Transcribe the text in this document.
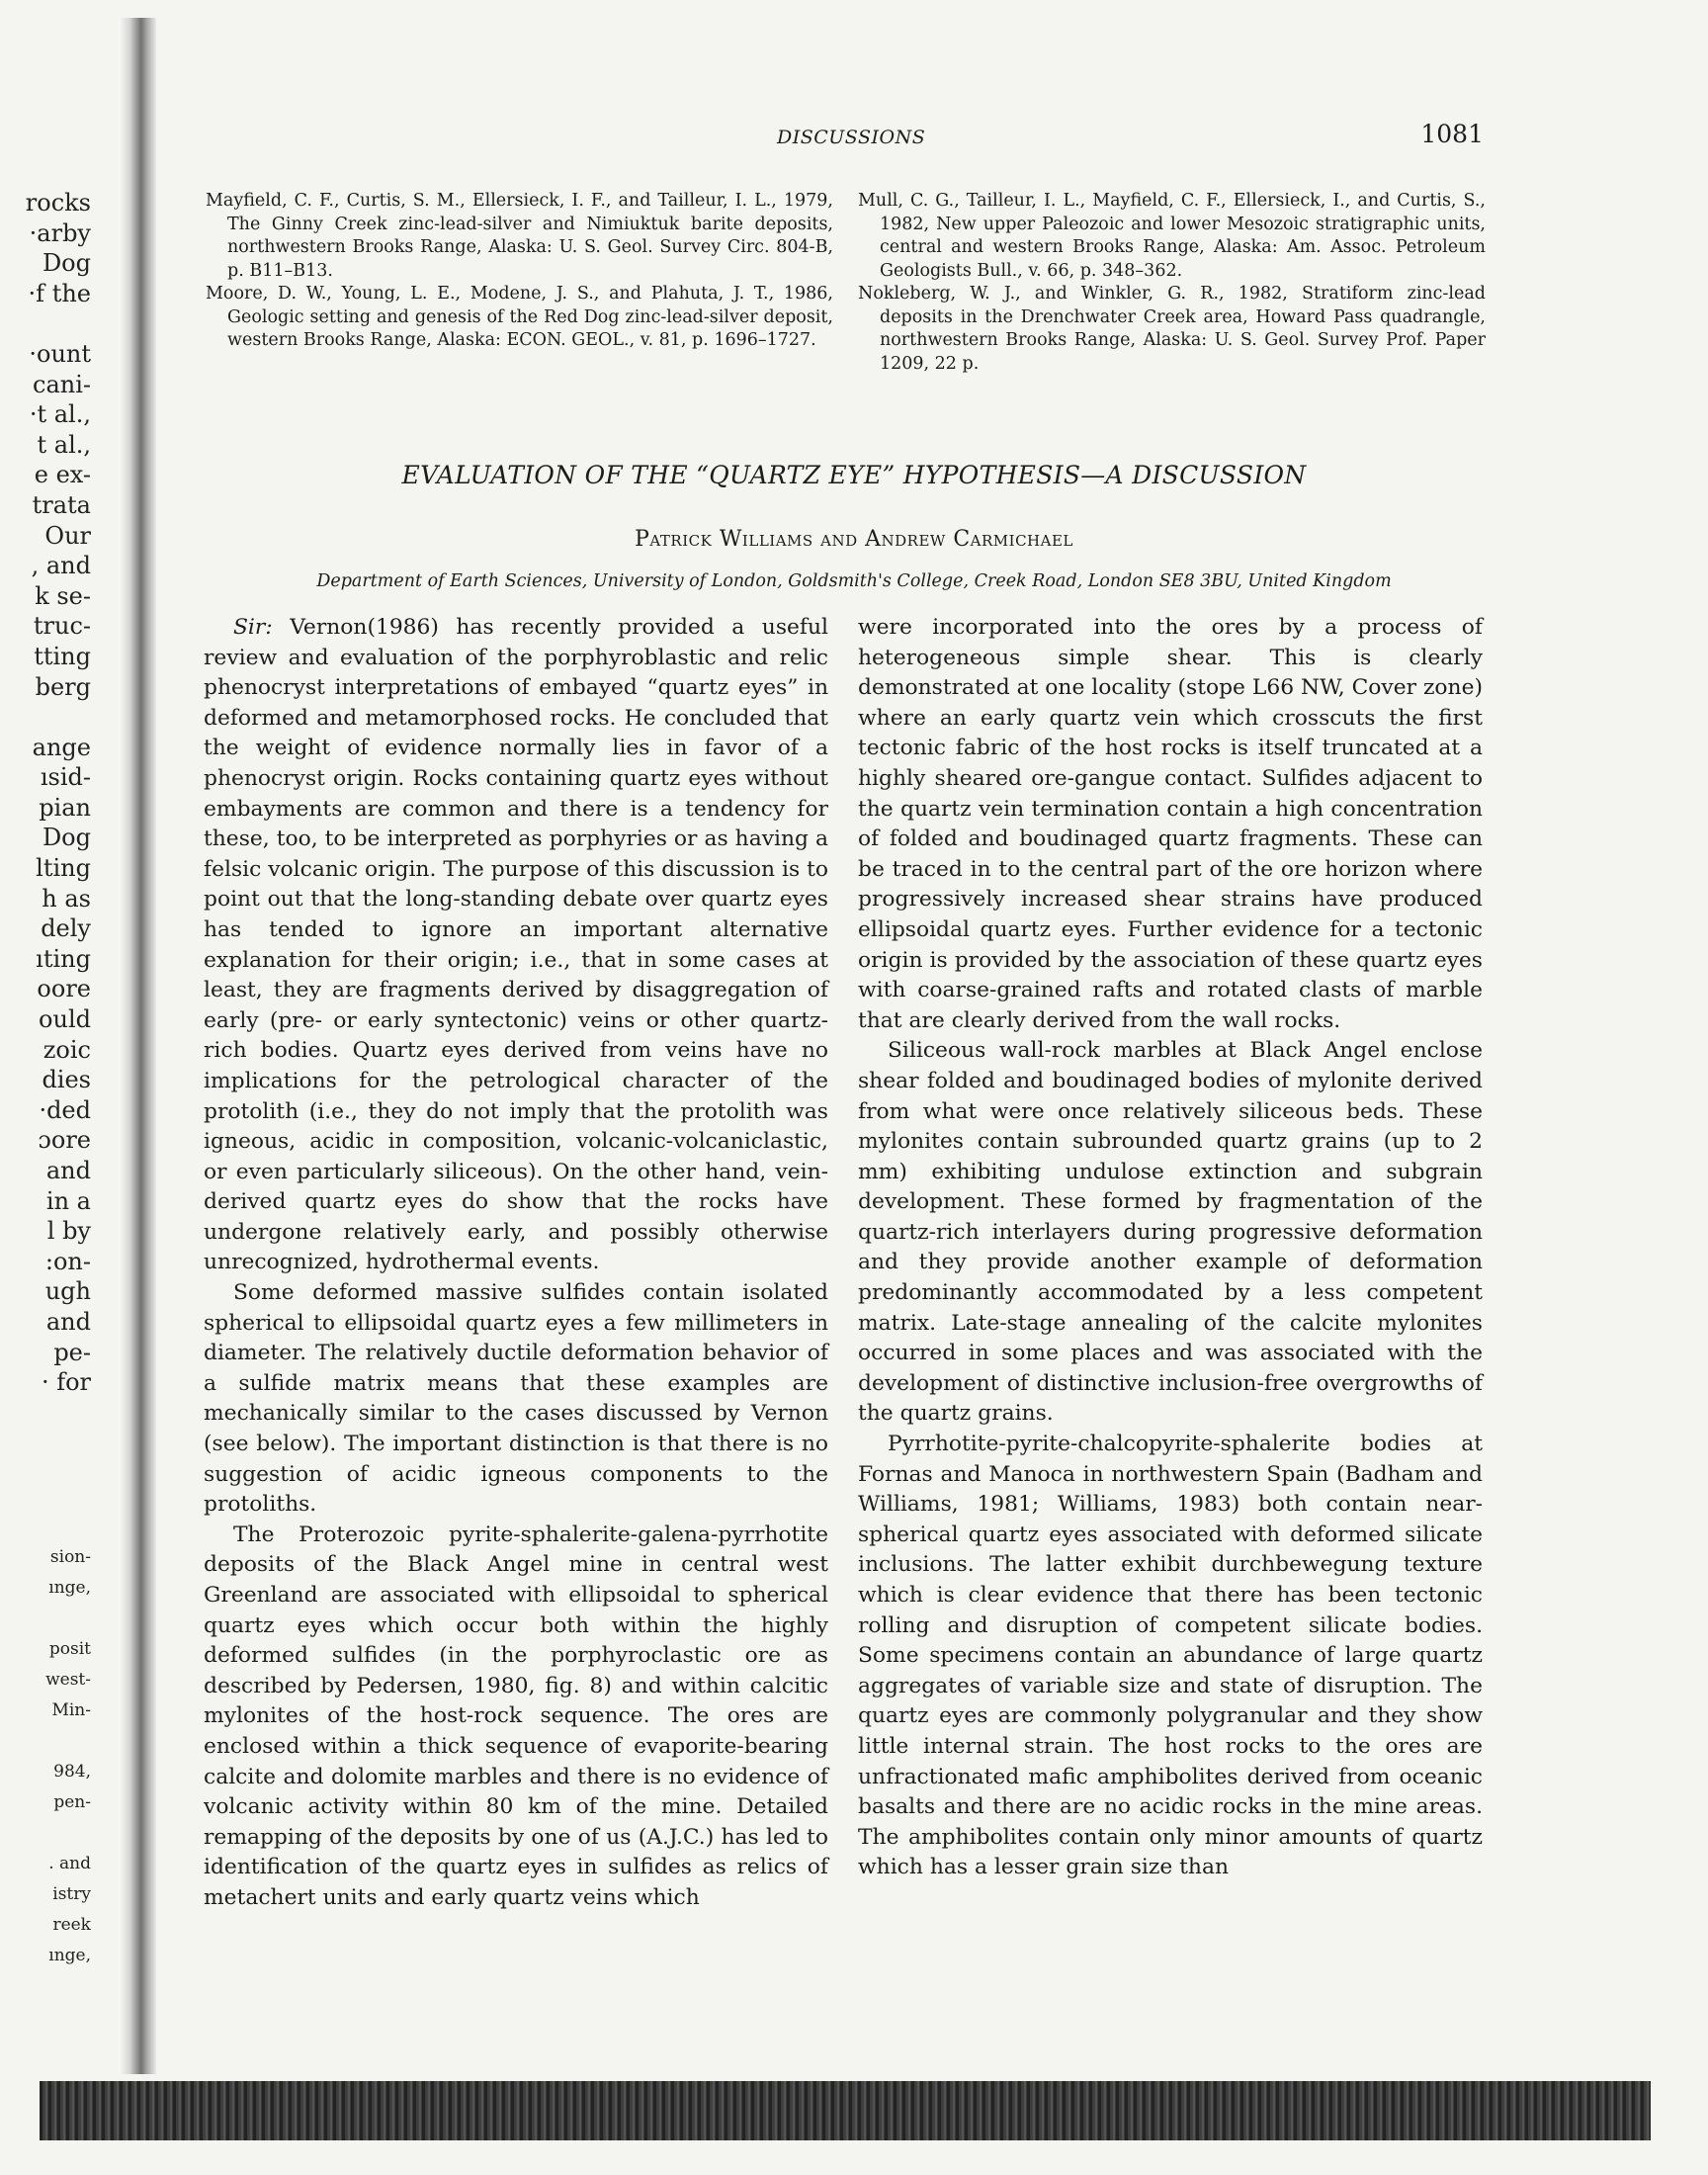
rocks
·arby
Dog
·f the

·ount
cani-
·t al.,
t al.,
e ex-
trata
Our
, and
k se-
truc-
tting
berg

ange
ısid-
pian
Dog
lting
h as
dely
ıting
oore
ould
zoic
dies
·ded
ɔore
and
in a
l by
:on-
ugh
and
pe-
· for
sion-
ınge,

posit
west-
Min-

984,
pen-

. and
istry
reek
ınge,
DISCUSSIONS	1081

Mayfield, C. F., Curtis, S. M., Ellersieck, I. F., and Tailleur, I. L., 1979, The Ginny Creek zinc-lead-silver and Nimiuktuk barite deposits, northwestern Brooks Range, Alaska: U. S. Geol. Survey Circ. 804-B, p. B11–B13.

Moore, D. W., Young, L. E., Modene, J. S., and Plahuta, J. T., 1986, Geologic setting and genesis of the Red Dog zinc-lead-silver deposit, western Brooks Range, Alaska: ECON. GEOL., v. 81, p. 1696–1727.

Mull, C. G., Tailleur, I. L., Mayfield, C. F., Ellersieck, I., and Curtis, S., 1982, New upper Paleozoic and lower Mesozoic stratigraphic units, central and western Brooks Range, Alaska: Am. Assoc. Petroleum Geologists Bull., v. 66, p. 348–362.

Nokleberg, W. J., and Winkler, G. R., 1982, Stratiform zinc-lead deposits in the Drenchwater Creek area, Howard Pass quadrangle, northwestern Brooks Range, Alaska: U. S. Geol. Survey Prof. Paper 1209, 22 p.

EVALUATION OF THE “QUARTZ EYE” HYPOTHESIS—A DISCUSSION
Patrick Williams and Andrew Carmichael
Department of Earth Sciences, University of London, Goldsmith's College, Creek Road, London SE8 3BU, United Kingdom

Sir: Vernon(1986) has recently provided a useful review and evaluation of the porphyroblastic and relic phenocryst interpretations of embayed “quartz eyes” in deformed and metamorphosed rocks. He concluded that the weight of evidence normally lies in favor of a phenocryst origin. Rocks containing quartz eyes without embayments are common and there is a tendency for these, too, to be interpreted as porphyries or as having a felsic volcanic origin. The purpose of this discussion is to point out that the long-standing debate over quartz eyes has tended to ignore an important alternative explanation for their origin; i.e., that in some cases at least, they are fragments derived by disaggregation of early (pre- or early syntectonic) veins or other quartz-rich bodies. Quartz eyes derived from veins have no implications for the petrological character of the protolith (i.e., they do not imply that the protolith was igneous, acidic in composition, volcanic-volcaniclastic, or even particularly siliceous). On the other hand, vein-derived quartz eyes do show that the rocks have undergone relatively early, and possibly otherwise unrecognized, hydrothermal events.

Some deformed massive sulfides contain isolated spherical to ellipsoidal quartz eyes a few millimeters in diameter. The relatively ductile deformation behavior of a sulfide matrix means that these examples are mechanically similar to the cases discussed by Vernon (see below). The important distinction is that there is no suggestion of acidic igneous components to the protoliths.

The Proterozoic pyrite-sphalerite-galena-pyrrhotite deposits of the Black Angel mine in central west Greenland are associated with ellipsoidal to spherical quartz eyes which occur both within the highly deformed sulfides (in the porphyroclastic ore as described by Pedersen, 1980, fig. 8) and within calcitic mylonites of the host-rock sequence. The ores are enclosed within a thick sequence of evaporite-bearing calcite and dolomite marbles and there is no evidence of volcanic activity within 80 km of the mine. Detailed remapping of the deposits by one of us (A.J.C.) has led to identification of the quartz eyes in sulfides as relics of metachert units and early quartz veins which

were incorporated into the ores by a process of heterogeneous simple shear. This is clearly demonstrated at one locality (stope L66 NW, Cover zone) where an early quartz vein which crosscuts the first tectonic fabric of the host rocks is itself truncated at a highly sheared ore-gangue contact. Sulfides adjacent to the quartz vein termination contain a high concentration of folded and boudinaged quartz fragments. These can be traced in to the central part of the ore horizon where progressively increased shear strains have produced ellipsoidal quartz eyes. Further evidence for a tectonic origin is provided by the association of these quartz eyes with coarse-grained rafts and rotated clasts of marble that are clearly derived from the wall rocks.

Siliceous wall-rock marbles at Black Angel enclose shear folded and boudinaged bodies of mylonite derived from what were once relatively siliceous beds. These mylonites contain subrounded quartz grains (up to 2 mm) exhibiting undulose extinction and subgrain development. These formed by fragmentation of the quartz-rich interlayers during progressive deformation and they provide another example of deformation predominantly accommodated by a less competent matrix. Late-stage annealing of the calcite mylonites occurred in some places and was associated with the development of distinctive inclusion-free overgrowths of the quartz grains.

Pyrrhotite-pyrite-chalcopyrite-sphalerite bodies at Fornas and Manoca in northwestern Spain (Badham and Williams, 1981; Williams, 1983) both contain near-spherical quartz eyes associated with deformed silicate inclusions. The latter exhibit durchbewegung texture which is clear evidence that there has been tectonic rolling and disruption of competent silicate bodies. Some specimens contain an abundance of large quartz aggregates of variable size and state of disruption. The quartz eyes are commonly polygranular and they show little internal strain. The host rocks to the ores are unfractionated mafic amphibolites derived from oceanic basalts and there are no acidic rocks in the mine areas. The amphibolites contain only minor amounts of quartz which has a lesser grain size than
